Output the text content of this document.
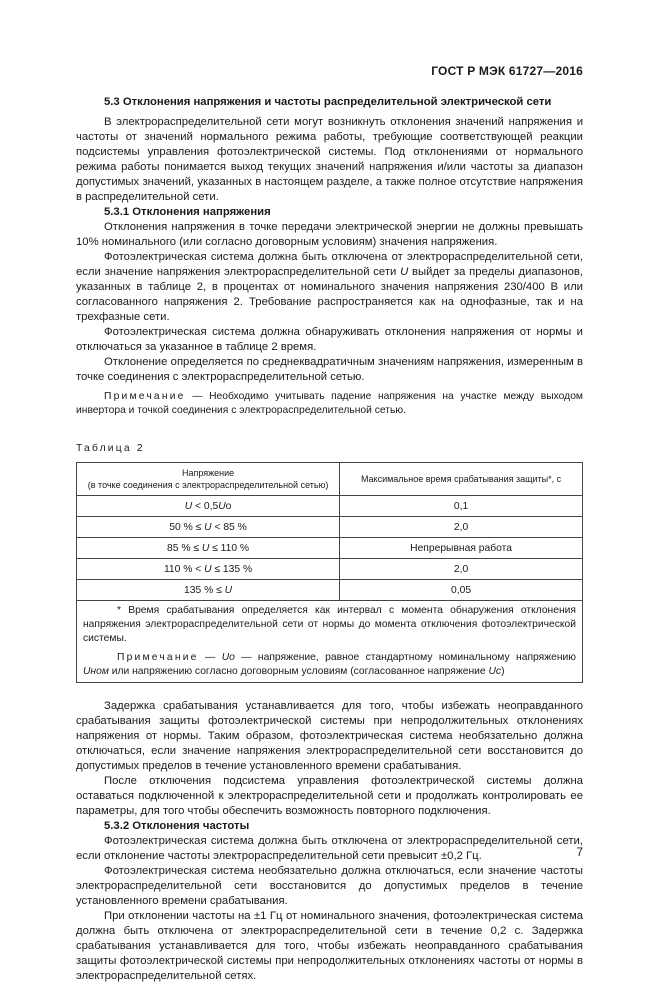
ГОСТ Р МЭК 61727—2016

5.3 Отклонения напряжения и частоты распределительной электрической сети

В электрораспределительной сети могут возникнуть отклонения значений напряжения и частоты от значений нормального режима работы, требующие соответствующей реакции подсистемы управления фотоэлектрической системы. Под отклонениями от нормального режима работы понимается выход текущих значений напряжения и/или частоты за диапазон допустимых значений, указанных в настоящем разделе, а также полное отсутствие напряжения в распределительной сети.

5.3.1 Отклонения напряжения

Отклонения напряжения в точке передачи электрической энергии не должны превышать 10% номинального (или согласно договорным условиям) значения напряжения.

Фотоэлектрическая система должна быть отключена от электрораспределительной сети, если значение напряжения электрораспределительной сети U выйдет за пределы диапазонов, указанных в таблице 2, в процентах от номинального значения напряжения 230/400 В или согласованного напряжения 2. Требование распространяется как на однофазные, так и на трехфазные сети.

Фотоэлектрическая система должна обнаруживать отклонения напряжения от нормы и отключаться за указанное в таблице 2 время.

Отклонение определяется по среднеквадратичным значениям напряжения, измеренным в точке соединения с электрораспределительной сетью.

Примечание — Необходимо учитывать падение напряжения на участке между выходом инвертора и точкой соединения с электрораспределительной сетью.

Таблица 2

Напряжение
(в точке соединения с электрораспределительной сетью)	Максимальное время срабатывания защиты*, с
U < 0,5Uо	0,1
50 % ≤ U < 85 %	2,0
85 % ≤ U ≤ 110 %	Непрерывная работа
110 % < U ≤ 135 %	2,0
135 % ≤ U	0,05

* Время срабатывания определяется как интервал с момента обнаружения отклонения напряжения электрораспределительной сети от нормы до момента отключения фотоэлектрической системы.

Примечание — Uо — напряжение, равное стандартному номинальному напряжению Uном или напряжению согласно договорным условиям (согласованное напряжение Uс)	

Задержка срабатывания устанавливается для того, чтобы избежать неоправданного срабатывания защиты фотоэлектрической системы при непродолжительных отклонениях напряжения от нормы. Таким образом, фотоэлектрическая система необязательно должна отключаться, если значение напряжения электрораспределительной сети восстановится до допустимых пределов в течение установленного времени срабатывания.

После отключения подсистема управления фотоэлектрической системы должна оставаться подключенной к электрораспределительной сети и продолжать контролировать ее параметры, для того чтобы обеспечить возможность повторного подключения.

5.3.2 Отклонения частоты

Фотоэлектрическая система должна быть отключена от электрораспределительной сети, если отклонение частоты электрораспределительной сети превысит ±0,2 Гц.

Фотоэлектрическая система необязательно должна отключаться, если значение частоты электрораспределительной сети восстановится до допустимых пределов в течение установленного времени срабатывания.

При отклонении частоты на ±1 Гц от номинального значения, фотоэлектрическая система должна быть отключена от электрораспределительной сети в течение 0,2 с. Задержка срабатывания устанавливается для того, чтобы избежать неоправданного срабатывания защиты фотоэлектрической системы при непродолжительных отклонениях частоты от нормы в электрораспределительной сетях.

7
